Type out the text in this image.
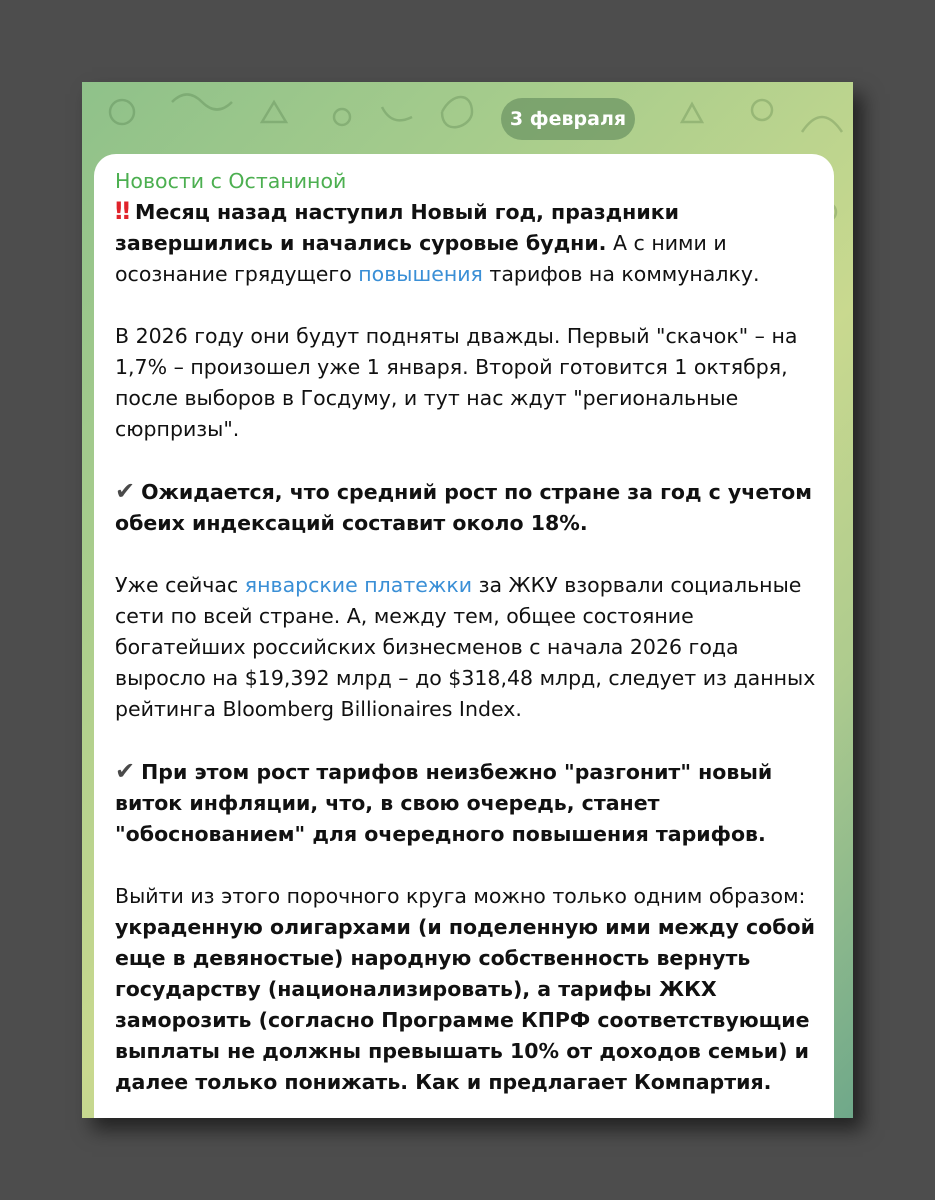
3 февраля
Новости с Останиной

‼ Месяц назад наступил Новый год, праздники завершились и начались суровые будни. А с ними и осознание грядущего повышения тарифов на коммуналку.

В 2026 году они будут подняты дважды. Первый "скачок" – на 1,7% – произошел уже 1 января. Второй готовится 1 октября, после выборов в Госдуму, и тут нас ждут "региональные сюрпризы".

✔ Ожидается, что средний рост по стране за год с учетом обеих индексаций составит около 18%.

Уже сейчас январские платежки за ЖКУ взорвали социальные сети по всей стране. А, между тем, общее состояние богатейших российских бизнесменов с начала 2026 года выросло на $19,392 млрд – до $318,48 млрд, следует из данных рейтинга Bloomberg Billionaires Index.

✔ При этом рост тарифов неизбежно "разгонит" новый виток инфляции, что, в свою очередь, станет "обоснованием" для очередного повышения тарифов.

Выйти из этого порочного круга можно только одним образом: украденную олигархами (и поделенную ими между собой еще в девяностые) народную собственность вернуть государству (национализировать), а тарифы ЖКХ заморозить (согласно Программе КПРФ соответствующие выплаты не должны превышать 10% от доходов семьи) и далее только понижать. Как и предлагает Компартия.
